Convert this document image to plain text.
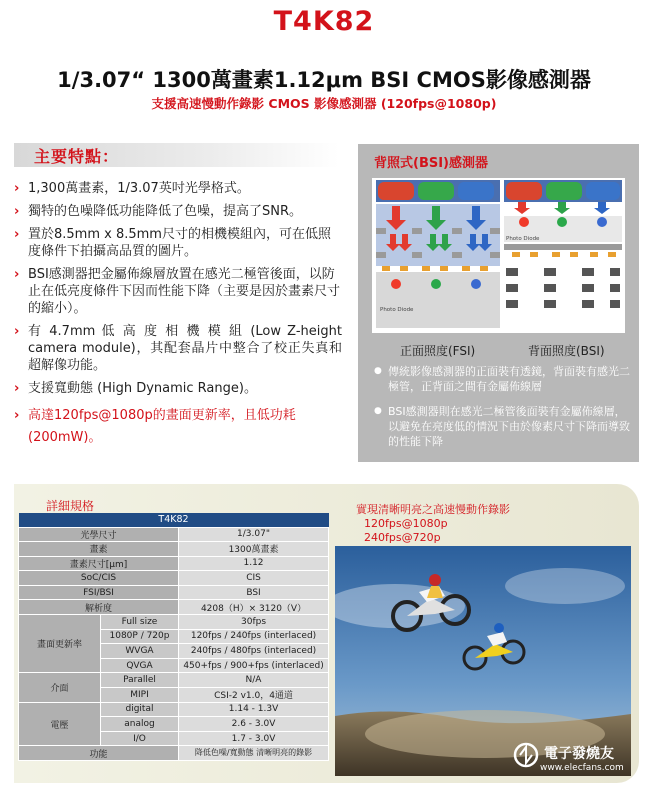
T4K82
1/3.07“ 1300萬畫素1.12μm BSI CMOS影像感測器
支援高速慢動作錄影 CMOS 影像感測器 (120fps@1080p)
主要特點：
› 1,300萬畫素，1/3.07英吋光學格式。
› 獨特的色噪降低功能降低了色噪，提高了SNR。
› 置於8.5mm x 8.5mm尺寸的相機模組內，可在低照度條件下拍攝高品質的圖片。
› BSI感測器把金屬佈線層放置在感光二極管後面，以防止在低亮度條件下因而性能下降（主要是因於畫素尺寸的縮小）。
› 有 4.7mm 低 高 度 相 機 模 組 (Low Z-height camera module)，其配套晶片中整合了校正失真和超解像功能。
› 支援寬動態 (High Dynamic Range)。
› 高達120fps@1080p的畫面更新率，且低功耗 (200mW)。
背照式(BSI)感測器
Photo Diode
Photo Diode
正面照度(FSI)	背面照度(BSI)
● 傳統影像感測器的正面裝有透鏡，背面裝有感光二極管，正背面之間有金屬佈線層
● BSI感測器則在感光二極管後面裝有金屬佈線層，以避免在亮度低的情況下由於像素尺寸下降而導致的性能下降
詳細規格
T4K82		
光學尺寸		1/3.07"
畫素		1300萬畫素
畫素尺寸[μm]		1.12
SoC/CIS		CIS
FSI/BSI		BSI
解析度		4208（H）× 3120（V）
畫面更新率	Full size	30fps
	1080P / 720p	120fps / 240fps (interlaced)
	WVGA	240fps / 480fps (interlaced)
	QVGA	450+fps / 900+fps (interlaced)
介面	Parallel	N/A
	MIPI	CSI-2 v1.0，4通道
電壓	digital	1.14 - 1.3V
	analog	2.6 - 3.0V
	I/O	1.7 - 3.0V
功能		降低色噪/寬動態 清晰明亮的錄影
實現清晰明亮之高速慢動作錄影
120fps@1080p
240fps@720p
電子發燒友
www.elecfans.com
